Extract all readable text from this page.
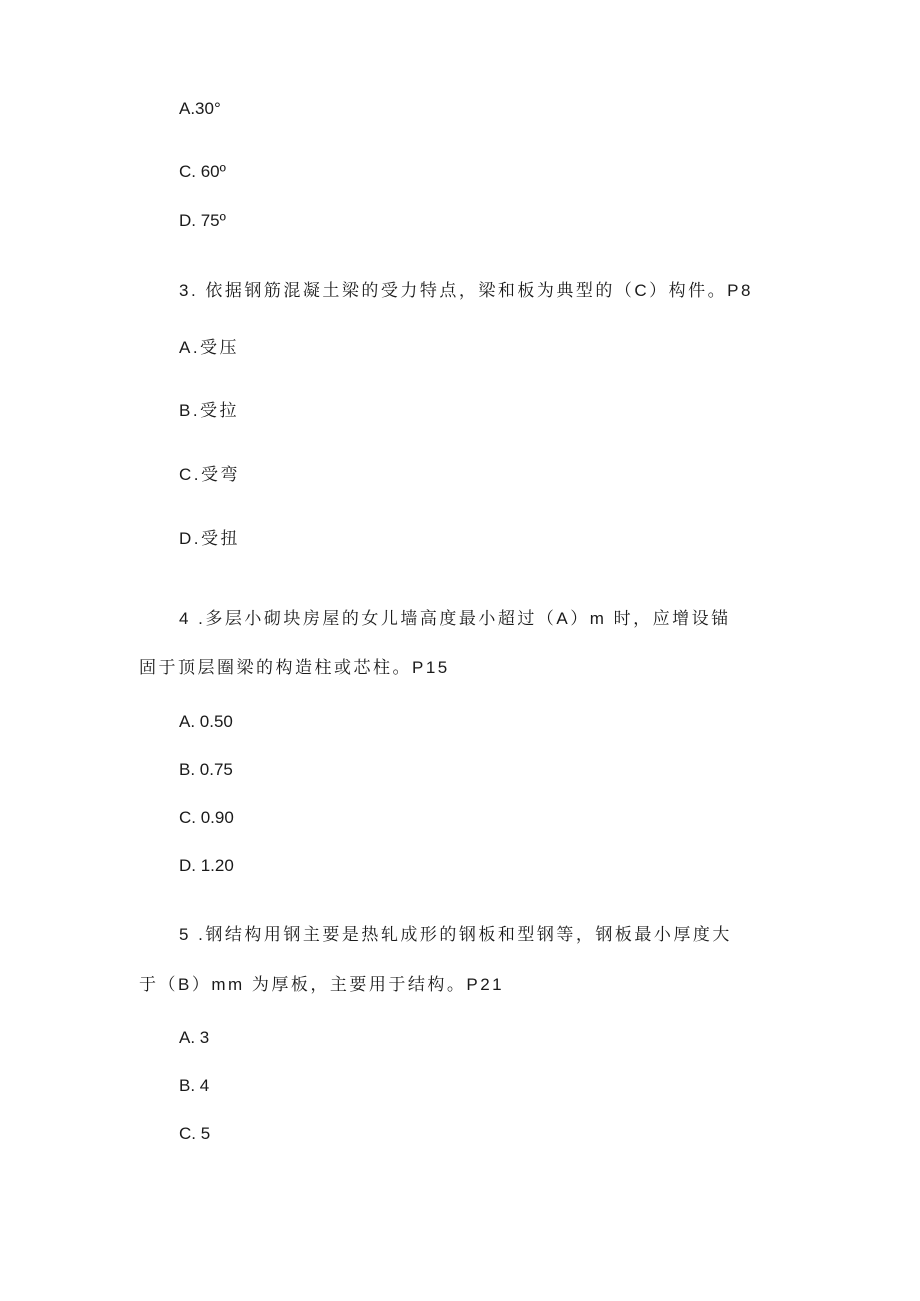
A.30°
C. 60º
D. 75º
3. 依据钢筋混凝土梁的受力特点，梁和板为典型的（C）构件。P8
A.受压
B.受拉
C.受弯
D.受扭
4 .多层小砌块房屋的女儿墙高度最小超过（A）m 时，应增设锚
固于顶层圈梁的构造柱或芯柱。P15
A. 0.50
B. 0.75
C. 0.90
D. 1.20
5 .钢结构用钢主要是热轧成形的钢板和型钢等，钢板最小厚度大
于（B）mm 为厚板，主要用于结构。P21
A. 3
B. 4
C. 5
